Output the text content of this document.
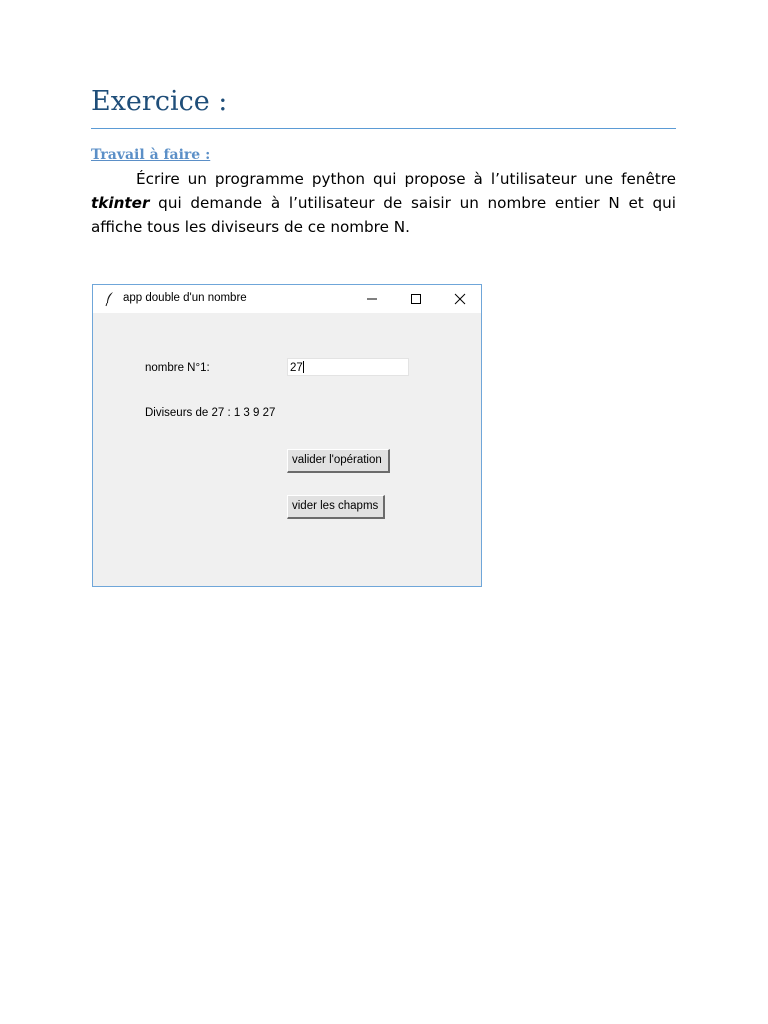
Exercice :
Travail à faire :
Écrire un programme python qui propose à l’utilisateur une fenêtre tkinter qui demande à l’utilisateur de saisir un nombre entier N et qui affiche tous les diviseurs de ce nombre N.
app double d'un nombre
nombre N°1:	27
Diviseurs de 27 : 1 3 9 27
valider l'opération
vider les chapms
